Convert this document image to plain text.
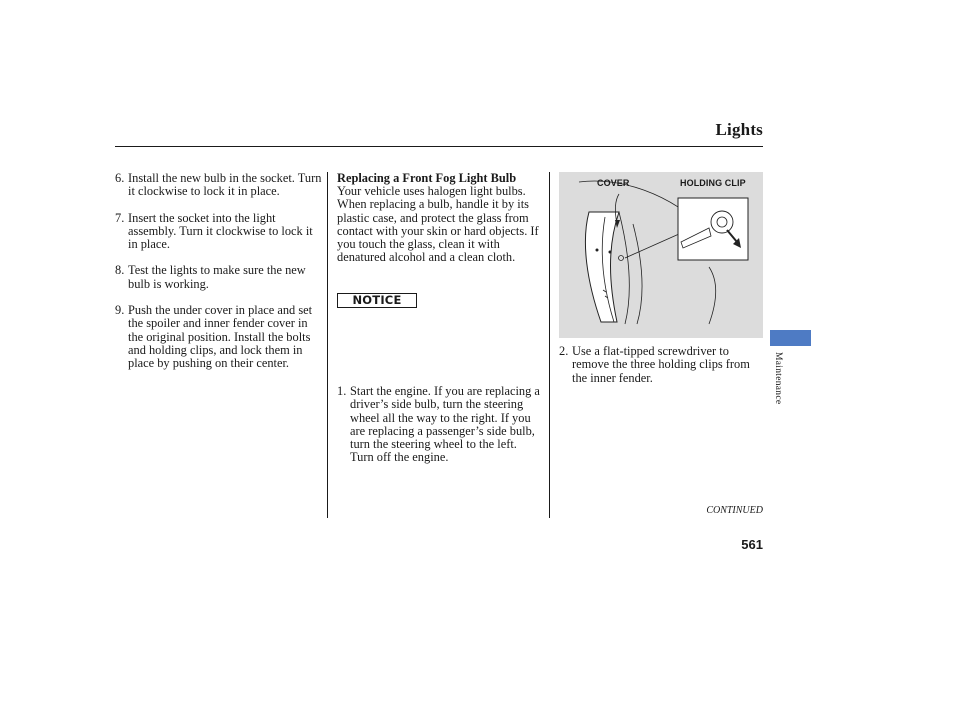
Lights
6. Install the new bulb in the socket. Turn it clockwise to lock it in place.
7. Insert the socket into the light assembly. Turn it clockwise to lock it in place.
8. Test the lights to make sure the new bulb is working.
9. Push the under cover in place and set the spoiler and inner fender cover in the original position. Install the bolts and holding clips, and lock them in place by pushing on their center.
Replacing a Front Fog Light Bulb

Your vehicle uses halogen light bulbs. When replacing a bulb, handle it by its plastic case, and protect the glass from contact with your skin or hard objects. If you touch the glass, clean it with denatured alcohol and a clean cloth.

NOTICE
1. Start the engine. If you are replacing a driver’s side bulb, turn the steering wheel all the way to the right. If you are replacing a passenger’s side bulb, turn the steering wheel to the left. Turn off the engine.
COVER	HOLDING CLIP
2. Use a flat-tipped screwdriver to remove the three holding clips from the inner fender.	Maintenance
CONTINUED
561
